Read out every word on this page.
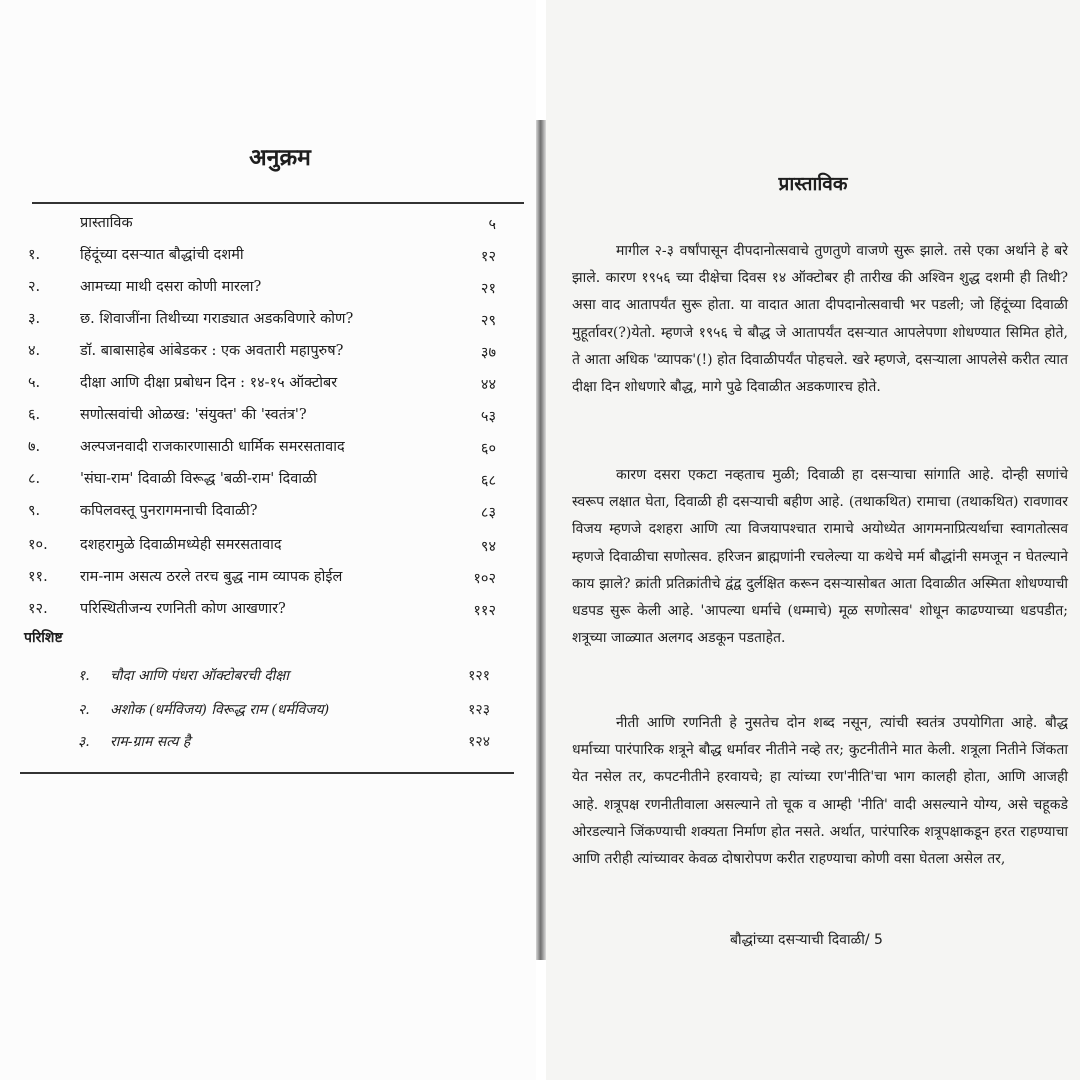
अनुक्रम
प्रास्ताविक	५
१.	हिंदूंच्या दसऱ्यात बौद्धांची दशमी	१२
२.	आमच्या माथी दसरा कोणी मारला?	२१
३.	छ. शिवाजींना तिथीच्या गराड्यात अडकविणारे कोण?	२९
४.	डॉ. बाबासाहेब आंबेडकर : एक अवतारी महापुरुष?	३७
५.	दीक्षा आणि दीक्षा प्रबोधन दिन : १४-१५ ऑक्टोबर	४४
६.	सणोत्सवांची ओळख: 'संयुक्त' की 'स्वतंत्र'?	५३
७.	अल्पजनवादी राजकारणासाठी धार्मिक समरसतावाद	६०
८.	'संघा-राम' दिवाळी विरूद्ध 'बळी-राम' दिवाळी	६८
९.	कपिलवस्तू पुनरागमनाची दिवाळी?	८३
१०.	दशहरामुळे दिवाळीमध्येही समरसतावाद	९४
११.	राम-नाम असत्य ठरले तरच बुद्ध नाम व्यापक होईल	१०२
१२.	परिस्थितीजन्य रणनिती कोण आखणार?	११२
परिशिष्ट
१. चौदा आणि पंधरा ऑक्टोबरची दीक्षा	१२१
२. अशोक (धर्मविजय) विरूद्ध राम (धर्मविजय)	१२३
३. राम-ग्राम सत्य है	१२४
प्रास्ताविक

मागील २-३ वर्षांपासून दीपदानोत्सवाचे तुणतुणे वाजणे सुरू झाले. तसे एका अर्थाने हे बरे झाले. कारण १९५६ च्या दीक्षेचा दिवस १४ ऑक्टोबर ही तारीख की अश्विन शुद्ध दशमी ही तिथी? असा वाद आतापर्यंत सुरू होता. या वादात आता दीपदानोत्सवाची भर पडली; जो हिंदूंच्या दिवाळी मुहूर्तावर(?)येतो. म्हणजे १९५६ चे बौद्ध जे आतापर्यंत दसऱ्यात आपलेपणा शोधण्यात सिमित होते, ते आता अधिक 'व्यापक'(!) होत दिवाळीपर्यंत पोहचले. खरे म्हणजे, दसऱ्याला आपलेसे करीत त्यात दीक्षा दिन शोधणारे बौद्ध, मागे पुढे दिवाळीत अडकणारच होते.

कारण दसरा एकटा नव्हताच मुळी; दिवाळी हा दसऱ्याचा सांगाति आहे. दोन्ही सणांचे स्वरूप लक्षात घेता, दिवाळी ही दसऱ्याची बहीण आहे. (तथाकथित) रामाचा (तथाकथित) रावणावर विजय म्हणजे दशहरा आणि त्या विजयापश्चात रामाचे अयोध्येत आगमनाप्रित्यर्थाचा स्वागतोत्सव म्हणजे दिवाळीचा सणोत्सव. हरिजन ब्राह्मणांनी रचलेल्या या कथेचे मर्म बौद्धांनी समजून न घेतल्याने काय झाले? क्रांती प्रतिक्रांतीचे द्वंद्व दुर्लक्षित करून दसऱ्यासोबत आता दिवाळीत अस्मिता शोधण्याची धडपड सुरू केली आहे. 'आपल्या धर्माचे (धम्माचे) मूळ सणोत्सव' शोधून काढण्याच्या धडपडीत; शत्रूच्या जाळ्यात अलगद अडकून पडताहेत.

नीती आणि रणनिती हे नुसतेच दोन शब्द नसून, त्यांची स्वतंत्र उपयोगिता आहे. बौद्ध धर्माच्या पारंपारिक शत्रूने बौद्ध धर्मावर नीतीने नव्हे तर; कुटनीतीने मात केली. शत्रूला नितीने जिंकता येत नसेल तर, कपटनीतीने हरवायचे; हा त्यांच्या रण'नीति'चा भाग कालही होता, आणि आजही आहे. शत्रूपक्ष रणनीतीवाला असल्याने तो चूक व आम्ही 'नीति' वादी असल्याने योग्य, असे चहूकडे ओरडल्याने जिंकण्याची शक्यता निर्माण होत नसते. अर्थात, पारंपारिक शत्रूपक्षाकडून हरत राहण्याचा आणि तरीही त्यांच्यावर केवळ दोषारोपण करीत राहण्याचा कोणी वसा घेतला असेल तर,

बौद्धांच्या दसऱ्याची दिवाळी/ 5
